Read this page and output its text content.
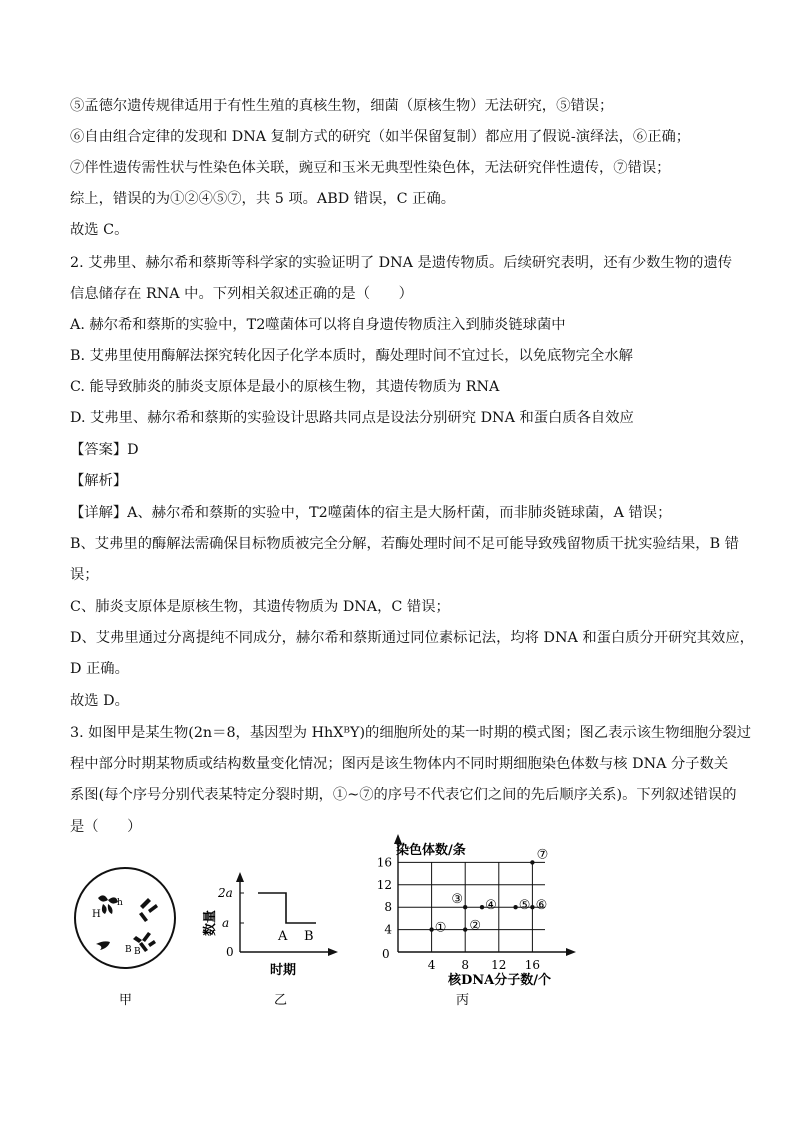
⑤孟德尔遗传规律适用于有性生殖的真核生物，细菌（原核生物）无法研究，⑤错误；
⑥自由组合定律的发现和 DNA 复制方式的研究（如半保留复制）都应用了假说-演绎法，⑥正确；
⑦伴性遗传需性状与性染色体关联，豌豆和玉米无典型性染色体，无法研究伴性遗传，⑦错误；
综上，错误的为①②④⑤⑦，共 5 项。ABD 错误，C 正确。
故选 C。
2. 艾弗里、赫尔希和蔡斯等科学家的实验证明了 DNA 是遗传物质。后续研究表明，还有少数生物的遗传
信息储存在 RNA 中。下列相关叙述正确的是（　　）
A. 赫尔希和蔡斯的实验中，T2噬菌体可以将自身遗传物质注入到肺炎链球菌中
B. 艾弗里使用酶解法探究转化因子化学本质时，酶处理时间不宜过长，以免底物完全水解
C. 能导致肺炎的肺炎支原体是最小的原核生物，其遗传物质为 RNA
D. 艾弗里、赫尔希和蔡斯的实验设计思路共同点是设法分别研究 DNA 和蛋白质各自效应
【答案】D
【解析】
【详解】A、赫尔希和蔡斯的实验中，T2噬菌体的宿主是大肠杆菌，而非肺炎链球菌，A 错误；
B、艾弗里的酶解法需确保目标物质被完全分解，若酶处理时间不足可能导致残留物质干扰实验结果，B 错
误；
C、肺炎支原体是原核生物，其遗传物质为 DNA，C 错误；
D、艾弗里通过分离提纯不同成分，赫尔希和蔡斯通过同位素标记法，均将 DNA 和蛋白质分开研究其效应，
D 正确。
故选 D。
3. 如图甲是某生物(2n＝8，基因型为 HhXᴮY)的细胞所处的某一时期的模式图；图乙表示该生物细胞分裂过
程中部分时期某物质或结构数量变化情况；图丙是该生物体内不同时期细胞染色体数与核 DNA 分子数关
系图(每个序号分别代表某特定分裂时期，①~⑦的序号不代表它们之间的先后顺序关系)。下列叙述错误的
是（　　）
H
h
B B
甲
2a
a
0
A B
数量
时期
乙
染色体数/条
0
4
8
12
16
4 8 12 16
① ②
③ ④ ⑤ ⑥
⑦
核DNA分子数/个
丙
